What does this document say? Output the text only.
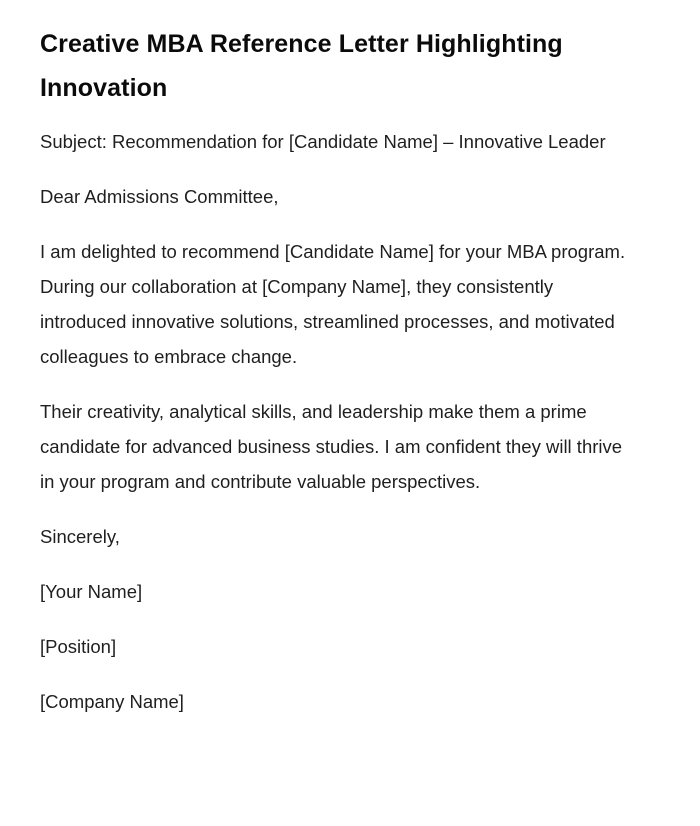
Creative MBA Reference Letter Highlighting Innovation

Subject: Recommendation for [Candidate Name] – Innovative Leader

Dear Admissions Committee,

I am delighted to recommend [Candidate Name] for your MBA program. During our collaboration at [Company Name], they consistently introduced innovative solutions, streamlined processes, and motivated colleagues to embrace change.

Their creativity, analytical skills, and leadership make them a prime candidate for advanced business studies. I am confident they will thrive in your program and contribute valuable perspectives.

Sincerely,

[Your Name]

[Position]

[Company Name]
